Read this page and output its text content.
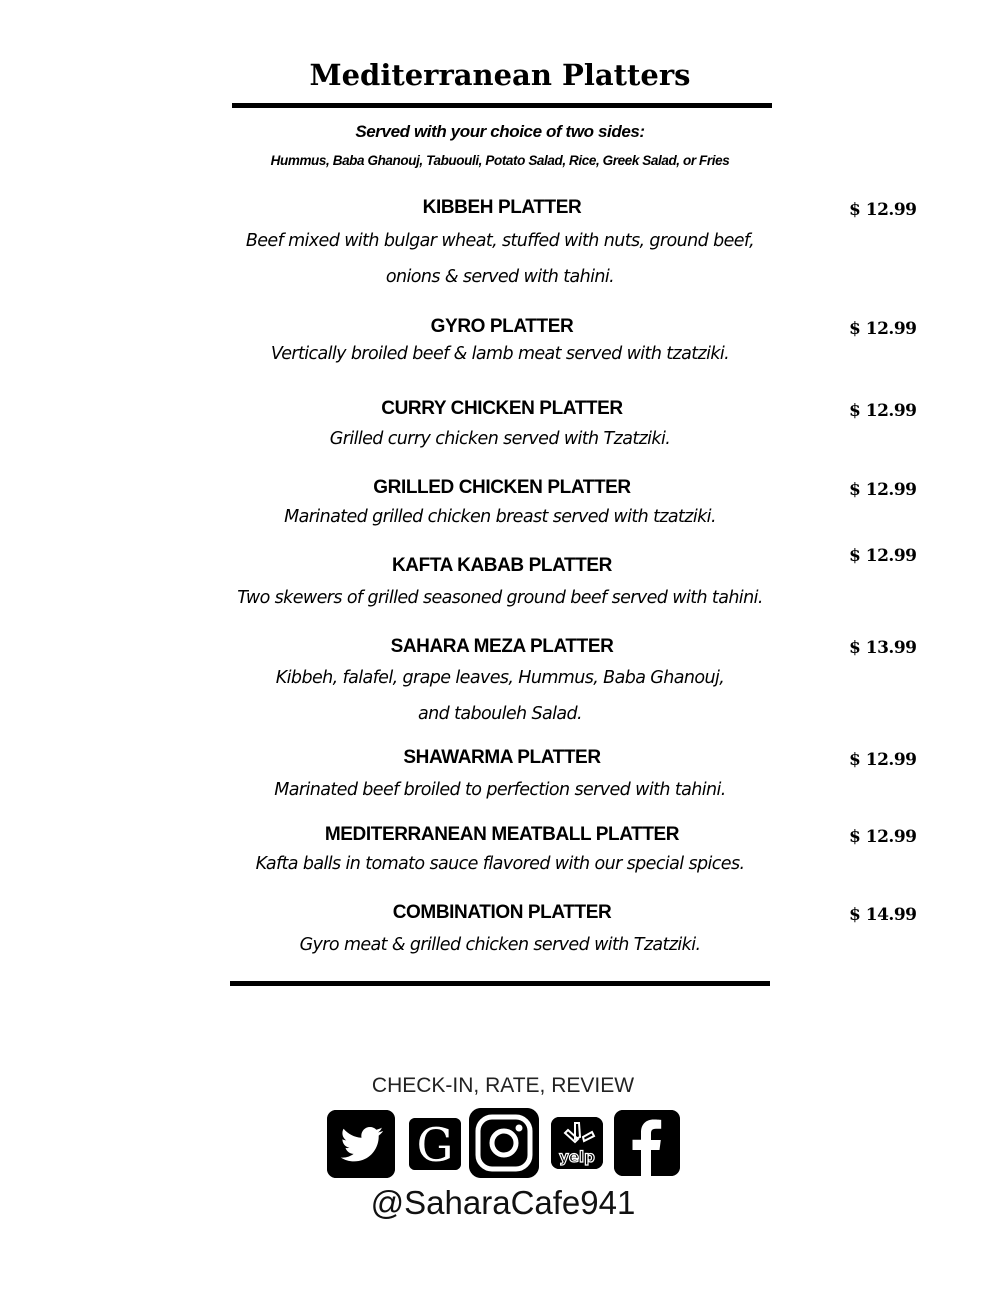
Mediterranean Platters
Served with your choice of two sides:
Hummus, Baba Ghanouj, Tabuouli, Potato Salad, Rice, Greek Salad, or Fries
KIBBEH PLATTER	$ 12.99
Beef mixed with bulgar wheat, stuffed with nuts, ground beef,
onions & served with tahini.
GYRO PLATTER	$ 12.99
Vertically broiled beef & lamb meat served with tzatziki.
CURRY CHICKEN PLATTER	$ 12.99
Grilled curry chicken served with Tzatziki.
GRILLED CHICKEN PLATTER	$ 12.99
Marinated grilled chicken breast served with tzatziki.
KAFTA KABAB PLATTER	$ 12.99
Two skewers of grilled seasoned ground beef served with tahini.
SAHARA MEZA PLATTER	$ 13.99
Kibbeh, falafel, grape leaves, Hummus, Baba Ghanouj,
and tabouleh Salad.
SHAWARMA PLATTER	$ 12.99
Marinated beef broiled to perfection served with tahini.
MEDITERRANEAN MEATBALL PLATTER	$ 12.99
Kafta balls in tomato sauce flavored with our special spices.
COMBINATION PLATTER	$ 14.99
Gyro meat & grilled chicken served with Tzatziki.
CHECK-IN, RATE, REVIEW
G	yelp
@SaharaCafe941
